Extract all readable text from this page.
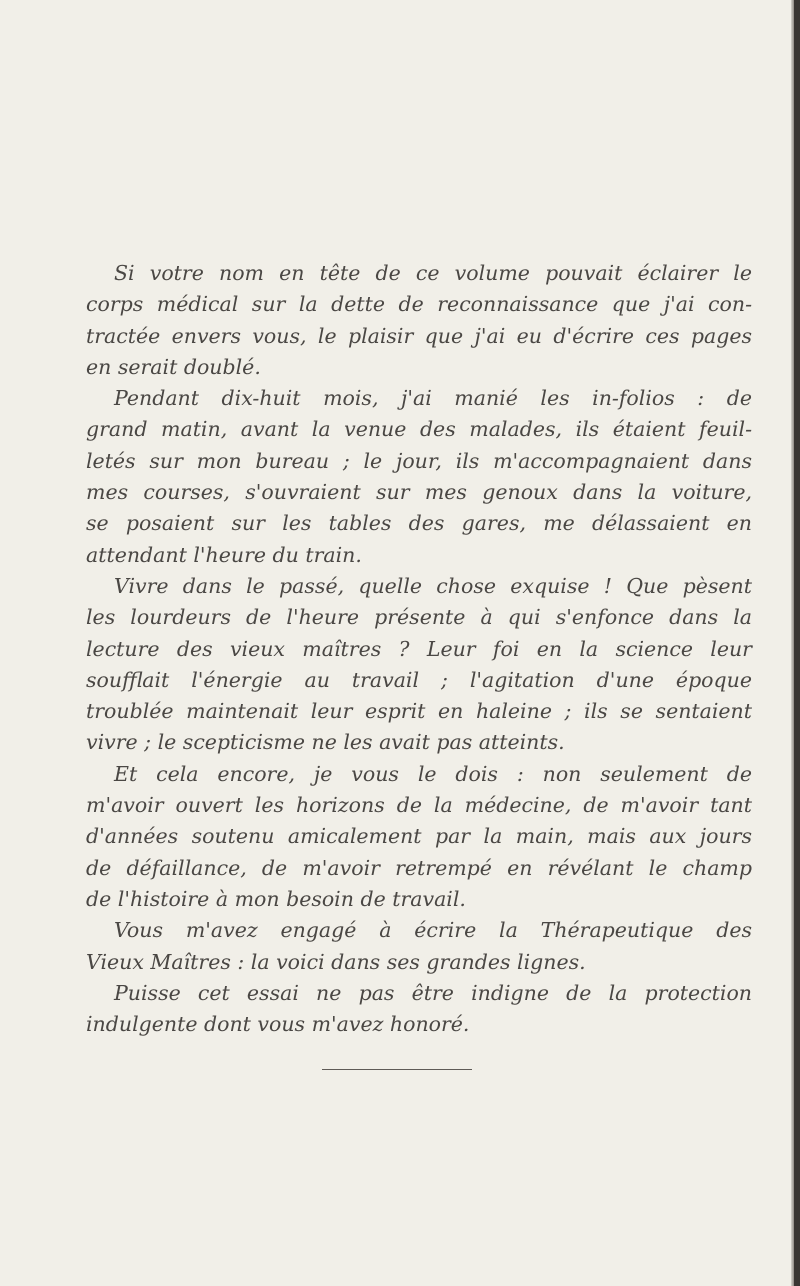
Si votre nom en tête de ce volume pouvait éclairer le
corps médical sur la dette de reconnaissance que j'ai con-
tractée envers vous, le plaisir que j'ai eu d'écrire ces pages
en serait doublé.
Pendant dix-huit mois, j'ai manié les in-folios : de
grand matin, avant la venue des malades, ils étaient feuil-
letés sur mon bureau ; le jour, ils m'accompagnaient dans
mes courses, s'ouvraient sur mes genoux dans la voiture,
se posaient sur les tables des gares, me délassaient en
attendant l'heure du train.
Vivre dans le passé, quelle chose exquise ! Que pèsent
les lourdeurs de l'heure présente à qui s'enfonce dans la
lecture des vieux maîtres ? Leur foi en la science leur
soufflait l'énergie au travail ; l'agitation d'une époque
troublée maintenait leur esprit en haleine ; ils se sentaient
vivre ; le scepticisme ne les avait pas atteints.
Et cela encore, je vous le dois : non seulement de
m'avoir ouvert les horizons de la médecine, de m'avoir tant
d'années soutenu amicalement par la main, mais aux jours
de défaillance, de m'avoir retrempé en révélant le champ
de l'histoire à mon besoin de travail.
Vous m'avez engagé à écrire la Thérapeutique des
Vieux Maîtres : la voici dans ses grandes lignes.
Puisse cet essai ne pas être indigne de la protection
indulgente dont vous m'avez honoré.
